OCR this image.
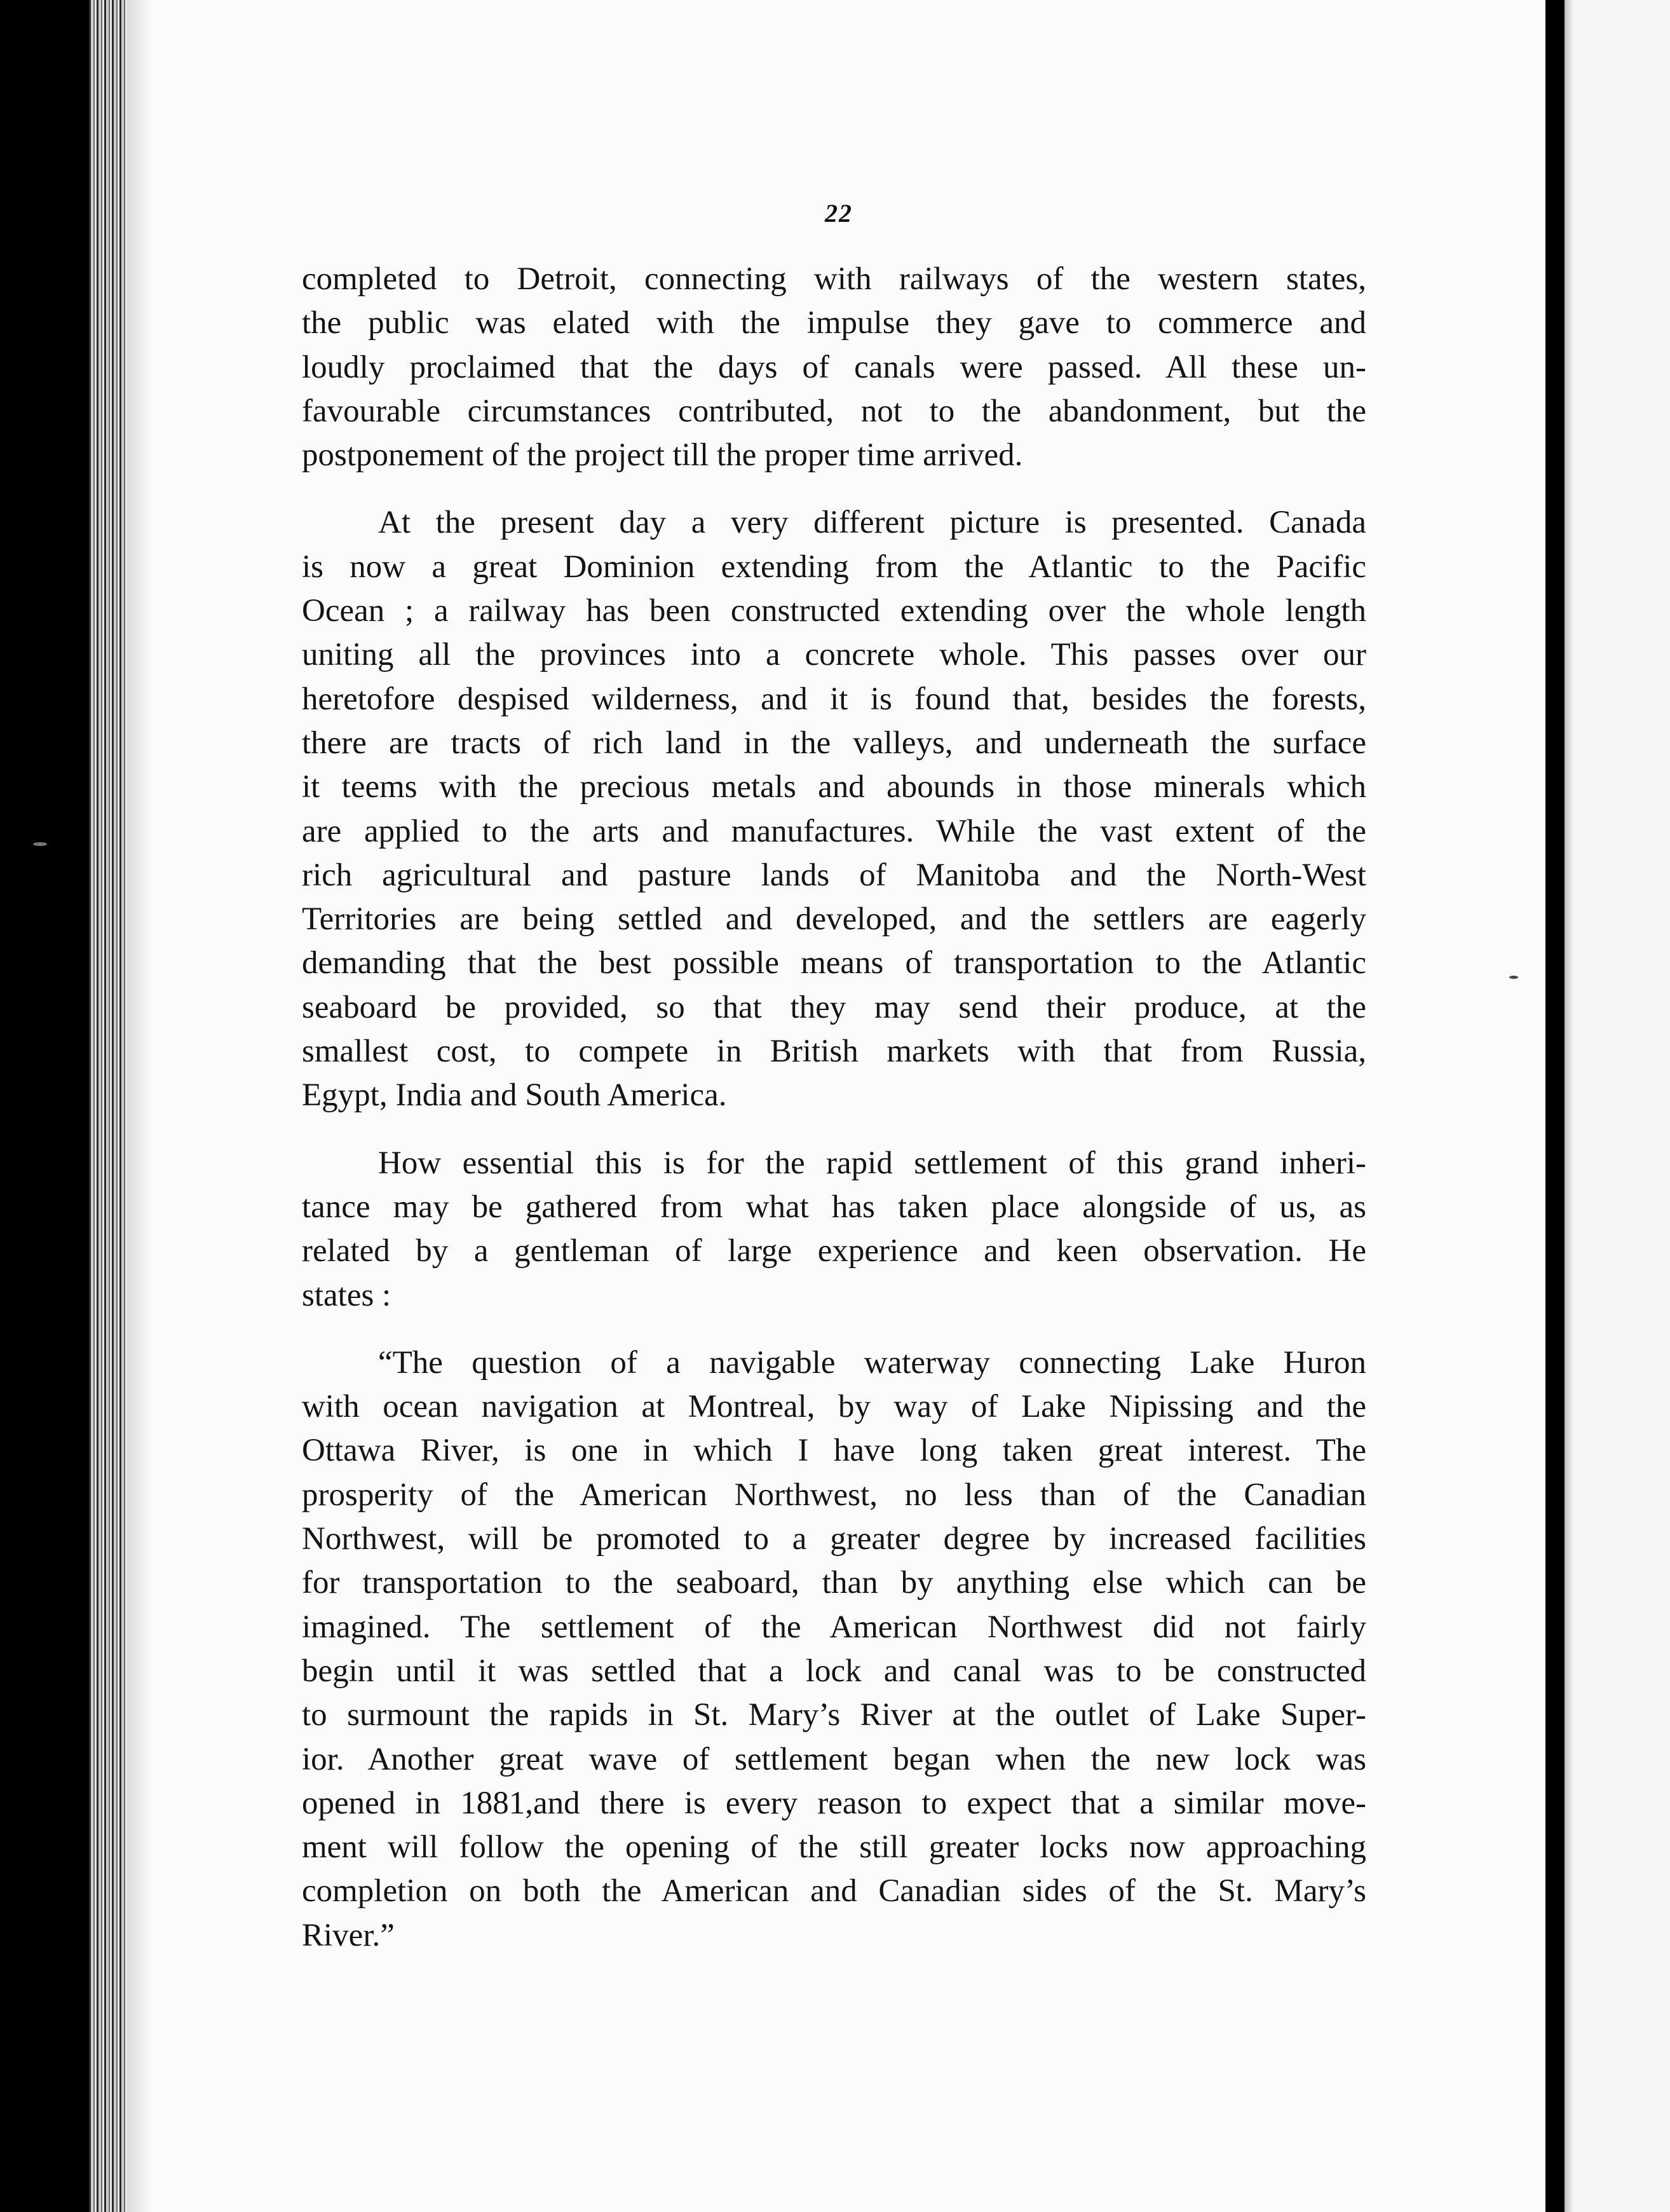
22
completed to Detroit, connecting with railways of the western states,
the public was elated with the impulse they gave to commerce and
loudly proclaimed that the days of canals were passed. All these un-
favourable circumstances contributed, not to the abandonment, but the
postponement of the project till the proper time arrived.
At the present day a very different picture is presented. Canada
is now a great Dominion extending from the Atlantic to the Pacific
Ocean ; a railway has been constructed extending over the whole length
uniting all the provinces into a concrete whole. This passes over our
heretofore despised wilderness, and it is found that, besides the forests,
there are tracts of rich land in the valleys, and underneath the surface
it teems with the precious metals and abounds in those minerals which
are applied to the arts and manufactures. While the vast extent of the
rich agricultural and pasture lands of Manitoba and the North-West
Territories are being settled and developed, and the settlers are eagerly
demanding that the best possible means of transportation to the Atlantic
seaboard be provided, so that they may send their produce, at the
smallest cost, to compete in British markets with that from Russia,
Egypt, India and South America.
How essential this is for the rapid settlement of this grand inheri-
tance may be gathered from what has taken place alongside of us, as
related by a gentleman of large experience and keen observation. He
states :
“The question of a navigable waterway connecting Lake Huron
with ocean navigation at Montreal, by way of Lake Nipissing and the
Ottawa River, is one in which I have long taken great interest. The
prosperity of the American Northwest, no less than of the Canadian
Northwest, will be promoted to a greater degree by increased facilities
for transportation to the seaboard, than by anything else which can be
imagined. The settlement of the American Northwest did not fairly
begin until it was settled that a lock and canal was to be constructed
to surmount the rapids in St. Mary’s River at the outlet of Lake Super-
ior. Another great wave of settlement began when the new lock was
opened in 1881,and there is every reason to expect that a similar move-
ment will follow the opening of the still greater locks now approaching
completion on both the American and Canadian sides of the St. Mary’s
River.”
